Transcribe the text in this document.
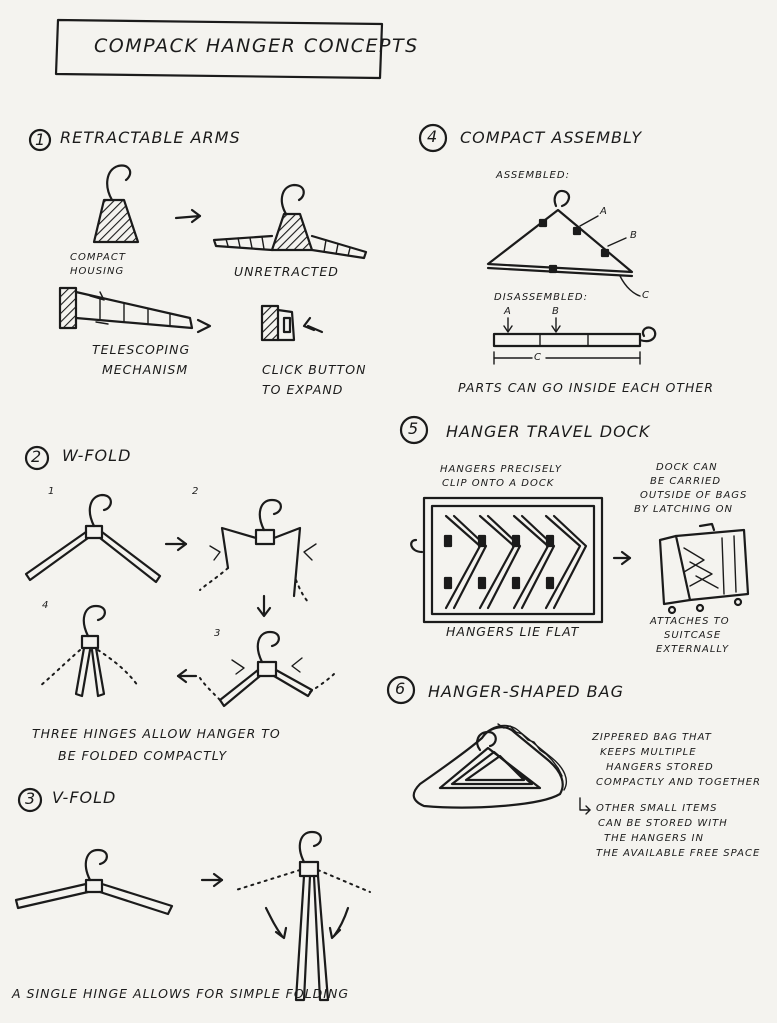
COMPACK HANGER CONCEPTS
1 RETRACTABLE ARMS
COMPACT
HOUSING	UNRETRACTED
TELESCOPING
MECHANISM	CLICK BUTTON
TO EXPAND
2 W-FOLD
1	2
3
4
THREE HINGES ALLOW HANGER TO
BE FOLDED COMPACTLY
3 V-FOLD
A SINGLE HINGE ALLOWS FOR SIMPLE FOLDING
4 COMPACT ASSEMBLY
ASSEMBLED:
A
B
C
DISASSEMBLED:
A	B
C
PARTS CAN GO INSIDE EACH OTHER
5 HANGER TRAVEL DOCK
HANGERS PRECISELY
CLIP ONTO A DOCK
HANGERS LIE FLAT
DOCK CAN
BE CARRIED
OUTSIDE OF BAGS
BY LATCHING ON
ATTACHES TO
SUITCASE
EXTERNALLY
6 HANGER-SHAPED BAG
ZIPPERED BAG THAT
KEEPS MULTIPLE
HANGERS STORED
COMPACTLY AND TOGETHER
OTHER SMALL ITEMS
CAN BE STORED WITH
THE HANGERS IN
THE AVAILABLE FREE SPACE
